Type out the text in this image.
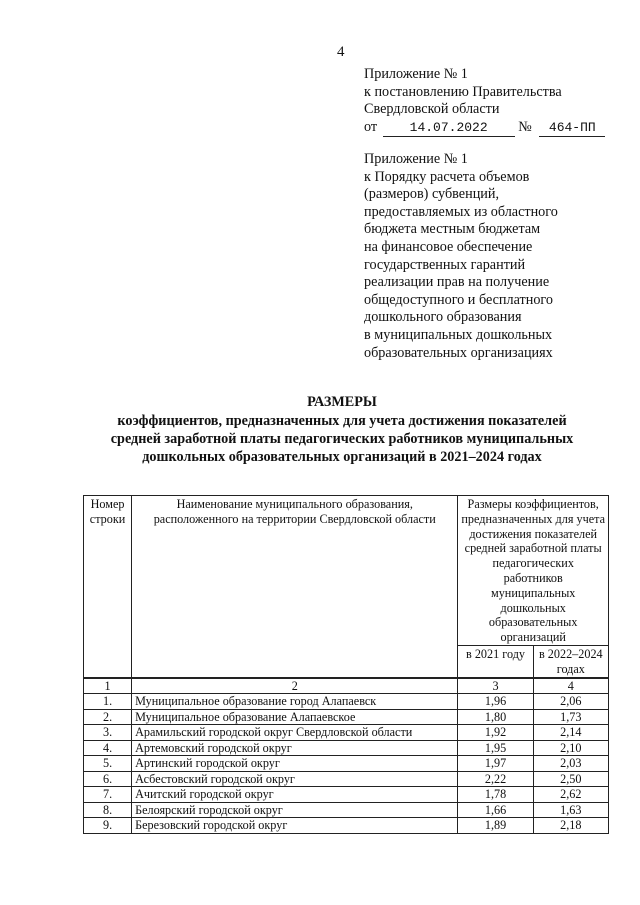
4
Приложение № 1
к постановлению Правительства
Свердловской области
от	14.07.2022 № 464-ПП
Приложение № 1
к Порядку расчета объемов
(размеров) субвенций,
предоставляемых из областного
бюджета местным бюджетам
на финансовое обеспечение
государственных гарантий
реализации прав на получение
общедоступного и бесплатного
дошкольного образования
в муниципальных дошкольных
образовательных организациях
РАЗМЕРЫ
коэффициентов, предназначенных для учета достижения показателей
средней заработной платы педагогических работников муниципальных
дошкольных образовательных организаций в 2021–2024 годах
Номер строки	Наименование муниципального образования, расположенного на территории Свердловской области	Размеры коэффициентов, предназначенных для учета достижения показателей средней заработной платы педагогических работников муниципальных дошкольных образовательных организаций	
		в 2021 году	в 2022–2024 годах
1	2	3	4
1.	Муниципальное образование город Алапаевск	1,96	2,06
2.	Муниципальное образование Алапаевское	1,80	1,73
3.	Арамильский городской округ Свердловской области	1,92	2,14
4.	Артемовский городской округ	1,95	2,10
5.	Артинский городской округ	1,97	2,03
6.	Асбестовский городской округ	2,22	2,50
7.	Ачитский городской округ	1,78	2,62
8.	Белоярский городской округ	1,66	1,63
9.	Березовский городской округ	1,89	2,18
